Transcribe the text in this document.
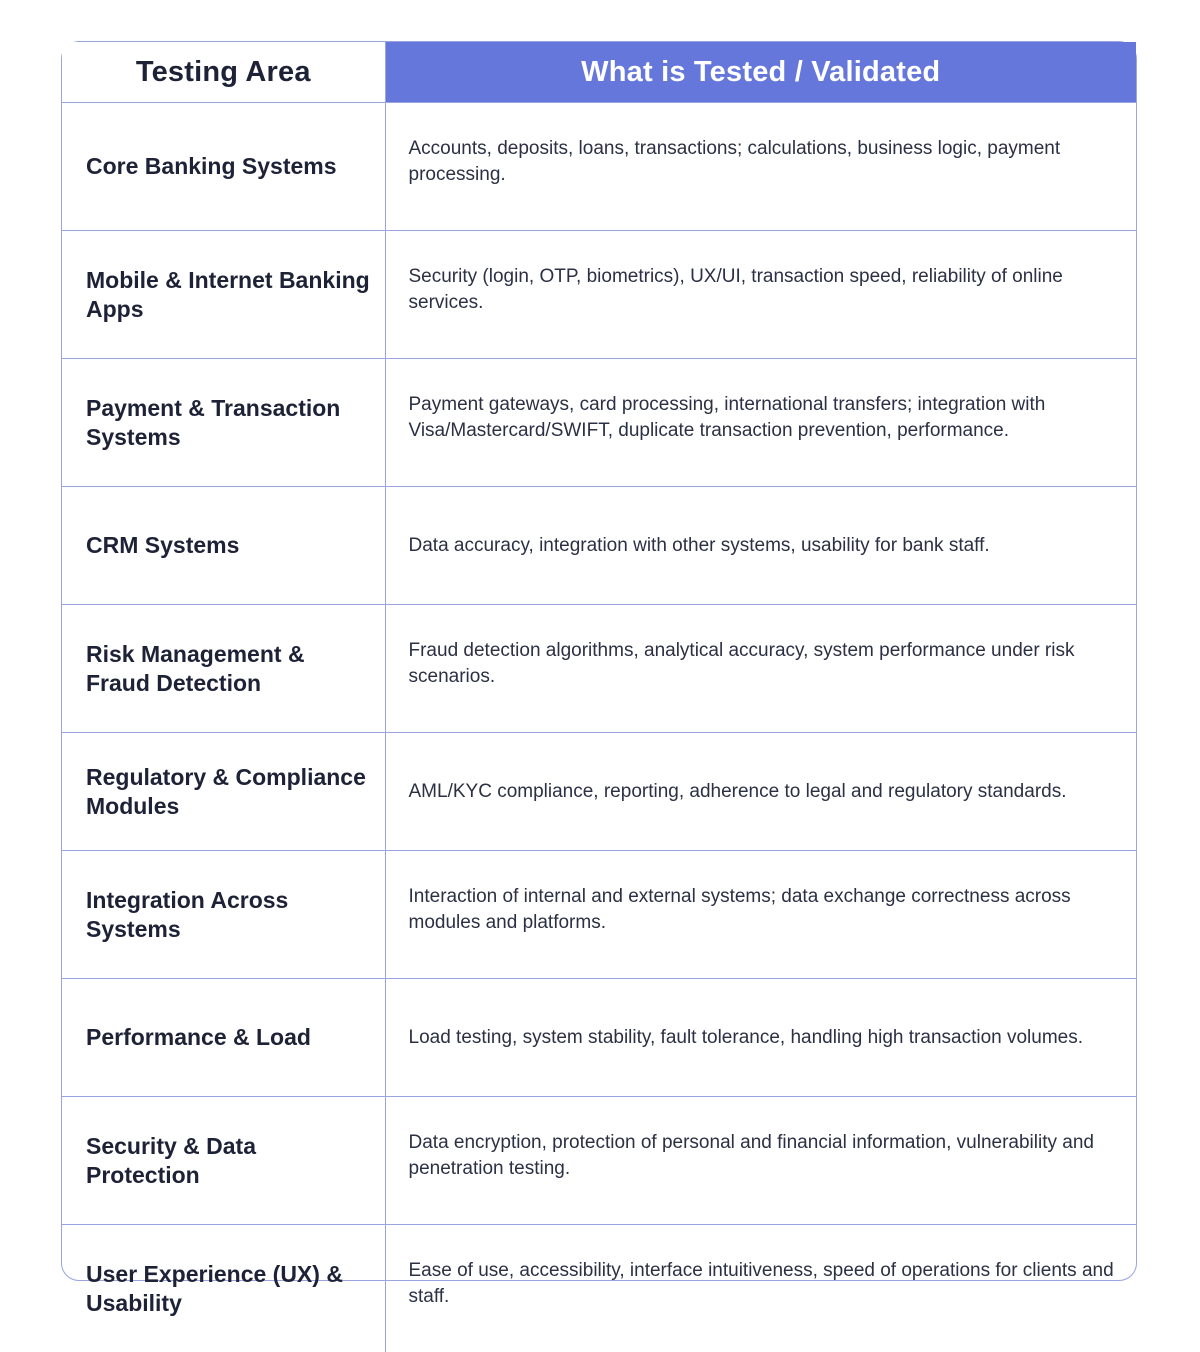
Testing Area	What is Tested / Validated
Core Banking Systems	Accounts, deposits, loans, transactions; calculations, business logic, payment processing.
Mobile & Internet Banking Apps	Security (login, OTP, biometrics), UX/UI, transaction speed, reliability of online services.
Payment & Transaction Systems	Payment gateways, card processing, international transfers; integration with Visa/Mastercard/SWIFT, duplicate transaction prevention, performance.
CRM Systems	Data accuracy, integration with other systems, usability for bank staff.
Risk Management & Fraud Detection	Fraud detection algorithms, analytical accuracy, system performance under risk scenarios.
Regulatory & Compliance Modules	AML/KYC compliance, reporting, adherence to legal and regulatory standards.
Integration Across Systems	Interaction of internal and external systems; data exchange correctness across modules and platforms.
Performance & Load	Load testing, system stability, fault tolerance, handling high transaction volumes.
Security & Data Protection	Data encryption, protection of personal and financial information, vulnerability and penetration testing.
User Experience (UX) & Usability	Ease of use, accessibility, interface intuitiveness, speed of operations for clients and staff.
